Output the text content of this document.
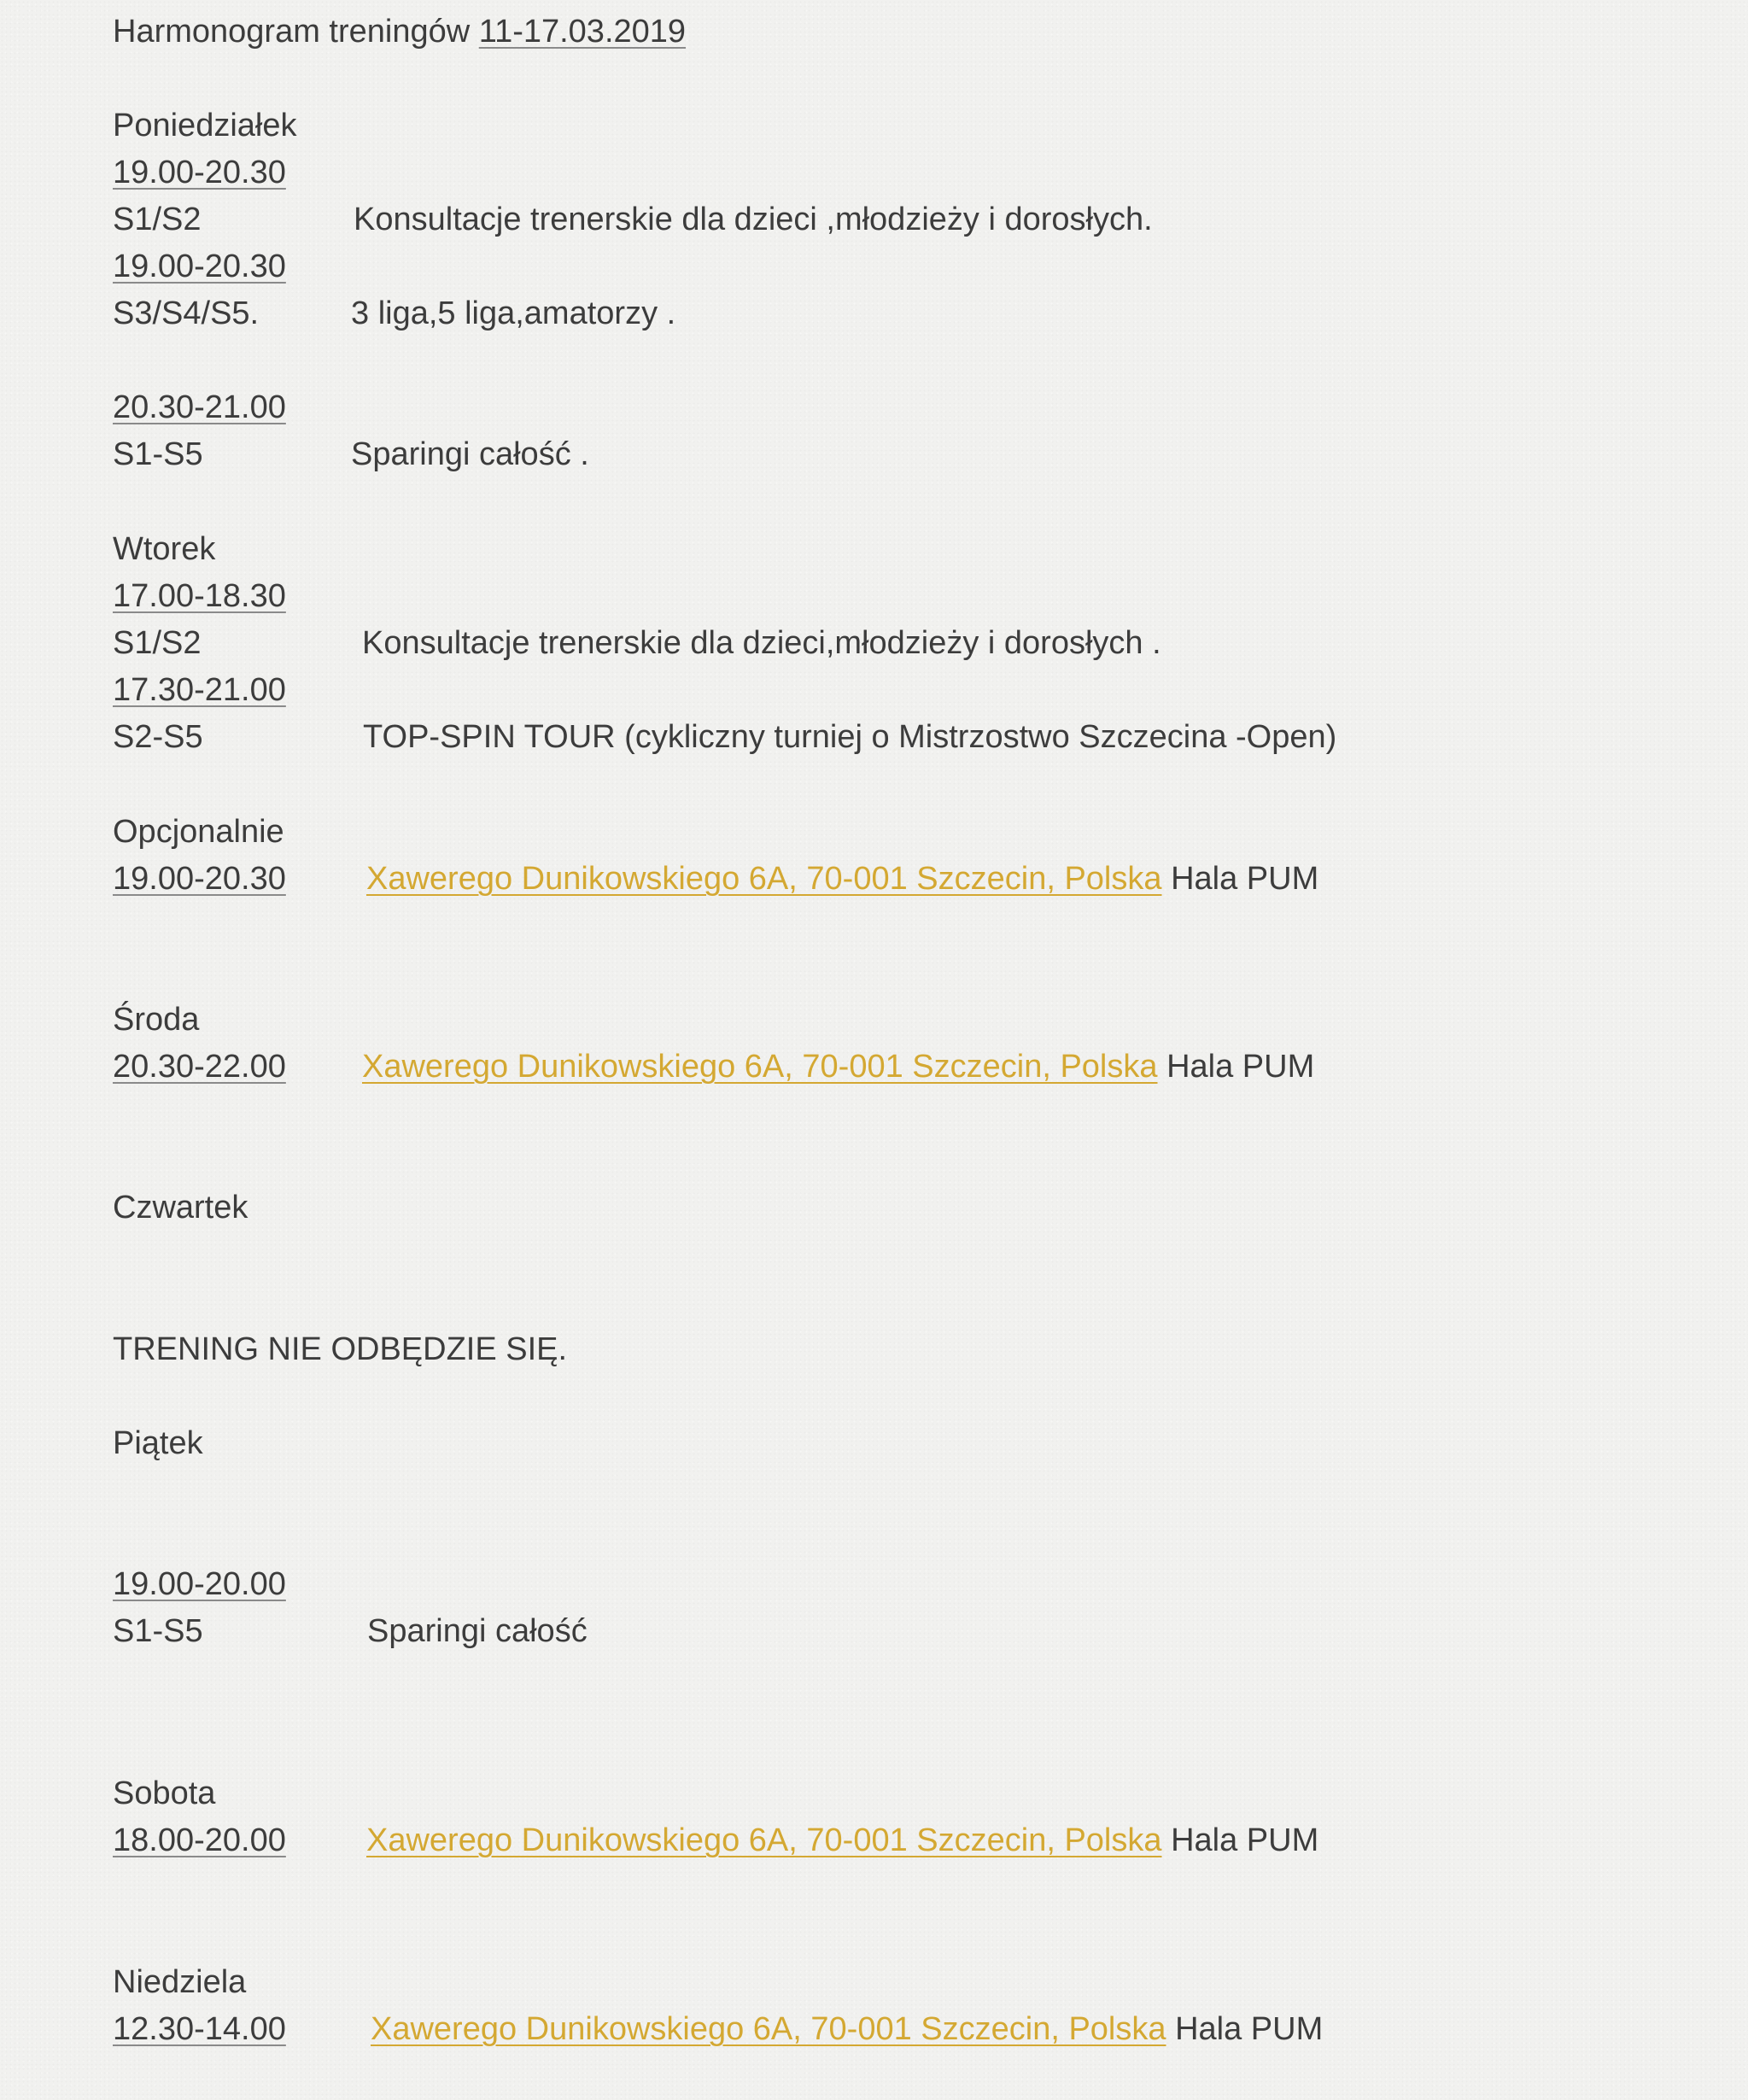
Harmonogram treningów 11-17.03.2019
Poniedziałek
19.00-20.30
S1/S2	Konsultacje trenerskie dla dzieci ,młodzieży i dorosłych.
19.00-20.30
S3/S4/S5.	3 liga,5 liga,amatorzy .
20.30-21.00
S1-S5	Sparingi całość .
Wtorek
17.00-18.30
S1/S2	Konsultacje trenerskie dla dzieci,młodzieży i dorosłych .
17.30-21.00
S2-S5	TOP-SPIN TOUR (cykliczny turniej o Mistrzostwo Szczecina -Open)
Opcjonalnie
19.00-20.30 Xawerego Dunikowskiego 6A, 70-001 Szczecin, Polska Hala PUM
Środa
20.30-22.00 Xawerego Dunikowskiego 6A, 70-001 Szczecin, Polska Hala PUM
Czwartek
TRENING NIE ODBĘDZIE SIĘ.
Piątek
19.00-20.00
S1-S5	Sparingi całość
Sobota
18.00-20.00 Xawerego Dunikowskiego 6A, 70-001 Szczecin, Polska Hala PUM
Niedziela
12.30-14.00	Xawerego Dunikowskiego 6A, 70-001 Szczecin, Polska Hala PUM
